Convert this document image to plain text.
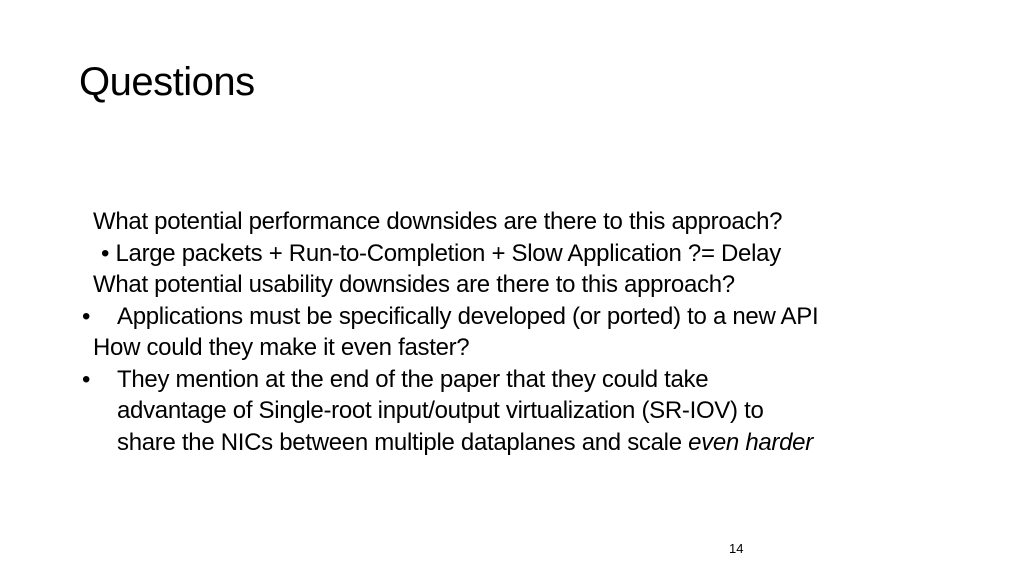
Questions
What potential performance downsides are there to this approach?
• Large packets + Run-to-Completion + Slow Application ?= Delay
What potential usability downsides are there to this approach?
•	Applications must be specifically developed (or ported) to a new API
How could they make it even faster?
•	They mention at the end of the paper that they could take
advantage of Single-root input/output virtualization (SR-IOV) to
share the NICs between multiple dataplanes and scale even harder
14
